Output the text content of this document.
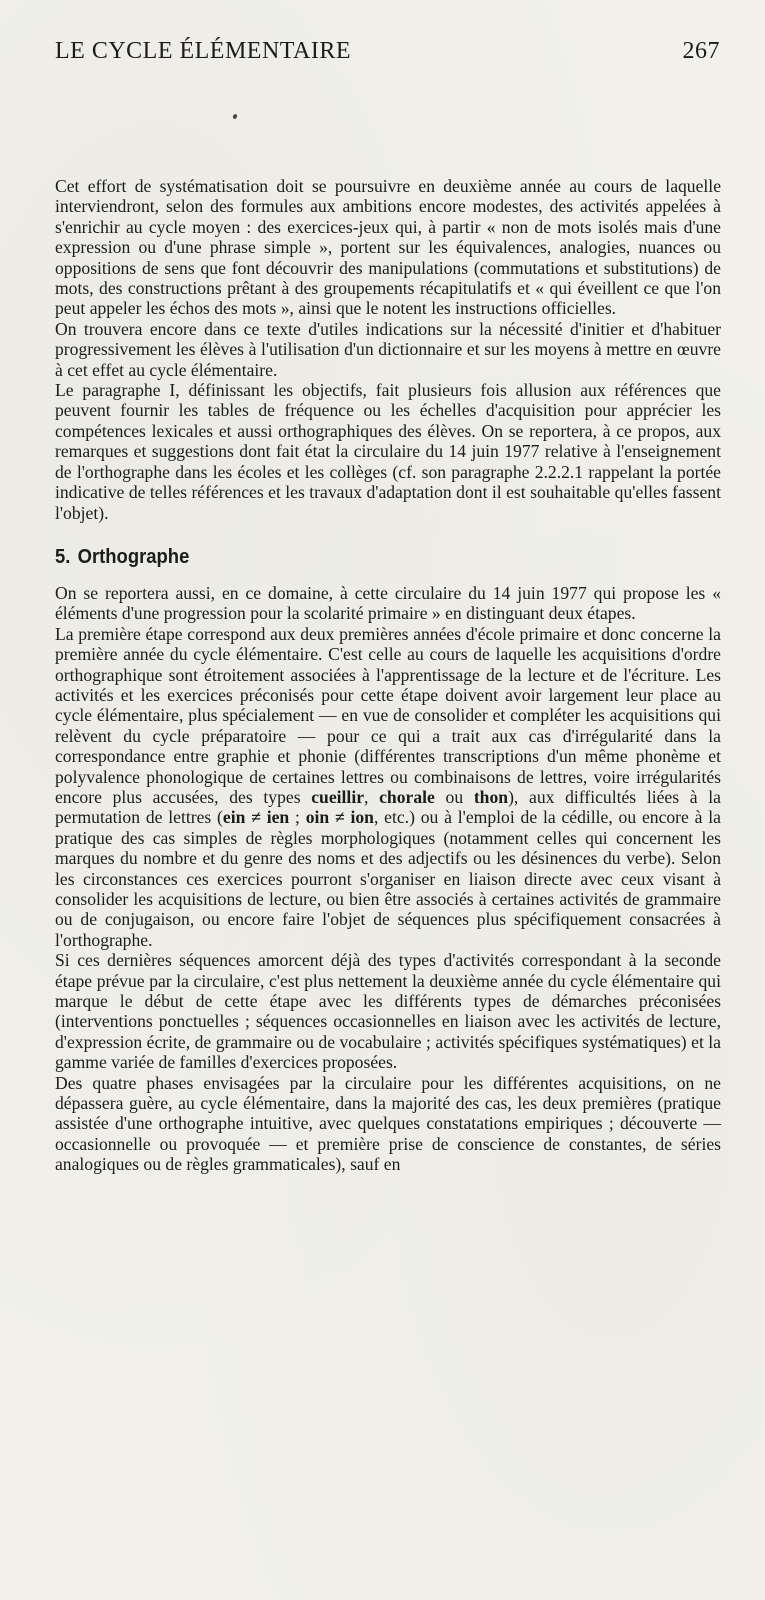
LE CYCLE ÉLÉMENTAIRE	267

Cet effort de systématisation doit se poursuivre en deuxième année au cours de laquelle interviendront, selon des formules aux ambitions encore modestes, des activités appelées à s'enrichir au cycle moyen : des exercices-jeux qui, à partir « non de mots isolés mais d'une expression ou d'une phrase simple », portent sur les équivalences, analogies, nuances ou oppositions de sens que font découvrir des manipulations (commutations et substitutions) de mots, des constructions prêtant à des groupements récapitulatifs et « qui éveillent ce que l'on peut appeler les échos des mots », ainsi que le notent les instructions officielles.

On trouvera encore dans ce texte d'utiles indications sur la nécessité d'initier et d'habituer progressivement les élèves à l'utilisation d'un dictionnaire et sur les moyens à mettre en œuvre à cet effet au cycle élémentaire.

Le paragraphe I, définissant les objectifs, fait plusieurs fois allusion aux références que peuvent fournir les tables de fréquence ou les échelles d'acquisition pour apprécier les compétences lexicales et aussi orthographiques des élèves. On se reportera, à ce propos, aux remarques et suggestions dont fait état la circulaire du 14 juin 1977 relative à l'enseignement de l'orthographe dans les écoles et les collèges (cf. son paragraphe 2.2.2.1 rappelant la portée indicative de telles références et les travaux d'adaptation dont il est souhaitable qu'elles fassent l'objet).

5. Orthographe

On se reportera aussi, en ce domaine, à cette circulaire du 14 juin 1977 qui propose les « éléments d'une progression pour la scolarité primaire » en distinguant deux étapes.

La première étape correspond aux deux premières années d'école primaire et donc concerne la première année du cycle élémentaire. C'est celle au cours de laquelle les acquisitions d'ordre orthographique sont étroitement associées à l'apprentissage de la lecture et de l'écriture. Les activités et les exercices préconisés pour cette étape doivent avoir largement leur place au cycle élémentaire, plus spécialement — en vue de consolider et compléter les acquisitions qui relèvent du cycle préparatoire — pour ce qui a trait aux cas d'irrégularité dans la correspondance entre graphie et phonie (différentes transcriptions d'un même phonème et polyvalence phonologique de certaines lettres ou combinaisons de lettres, voire irrégularités encore plus accusées, des types cueillir, chorale ou thon), aux difficultés liées à la permutation de lettres (ein ≠ ien ; oin ≠ ion, etc.) ou à l'emploi de la cédille, ou encore à la pratique des cas simples de règles morphologiques (notamment celles qui concernent les marques du nombre et du genre des noms et des adjectifs ou les désinences du verbe). Selon les circonstances ces exercices pourront s'organiser en liaison directe avec ceux visant à consolider les acquisitions de lecture, ou bien être associés à certaines activités de grammaire ou de conjugaison, ou encore faire l'objet de séquences plus spécifiquement consacrées à l'orthographe.

Si ces dernières séquences amorcent déjà des types d'activités correspondant à la seconde étape prévue par la circulaire, c'est plus nettement la deuxième année du cycle élémentaire qui marque le début de cette étape avec les différents types de démarches préconisées (interventions ponctuelles ; séquences occasionnelles en liaison avec les activités de lecture, d'expression écrite, de grammaire ou de vocabulaire ; activités spécifiques systématiques) et la gamme variée de familles d'exercices proposées.

Des quatre phases envisagées par la circulaire pour les différentes acquisitions, on ne dépassera guère, au cycle élémentaire, dans la majorité des cas, les deux premières (pratique assistée d'une orthographe intuitive, avec quelques constatations empiriques ; découverte — occasionnelle ou provoquée — et première prise de conscience de constantes, de séries analogiques ou de règles grammaticales), sauf en
